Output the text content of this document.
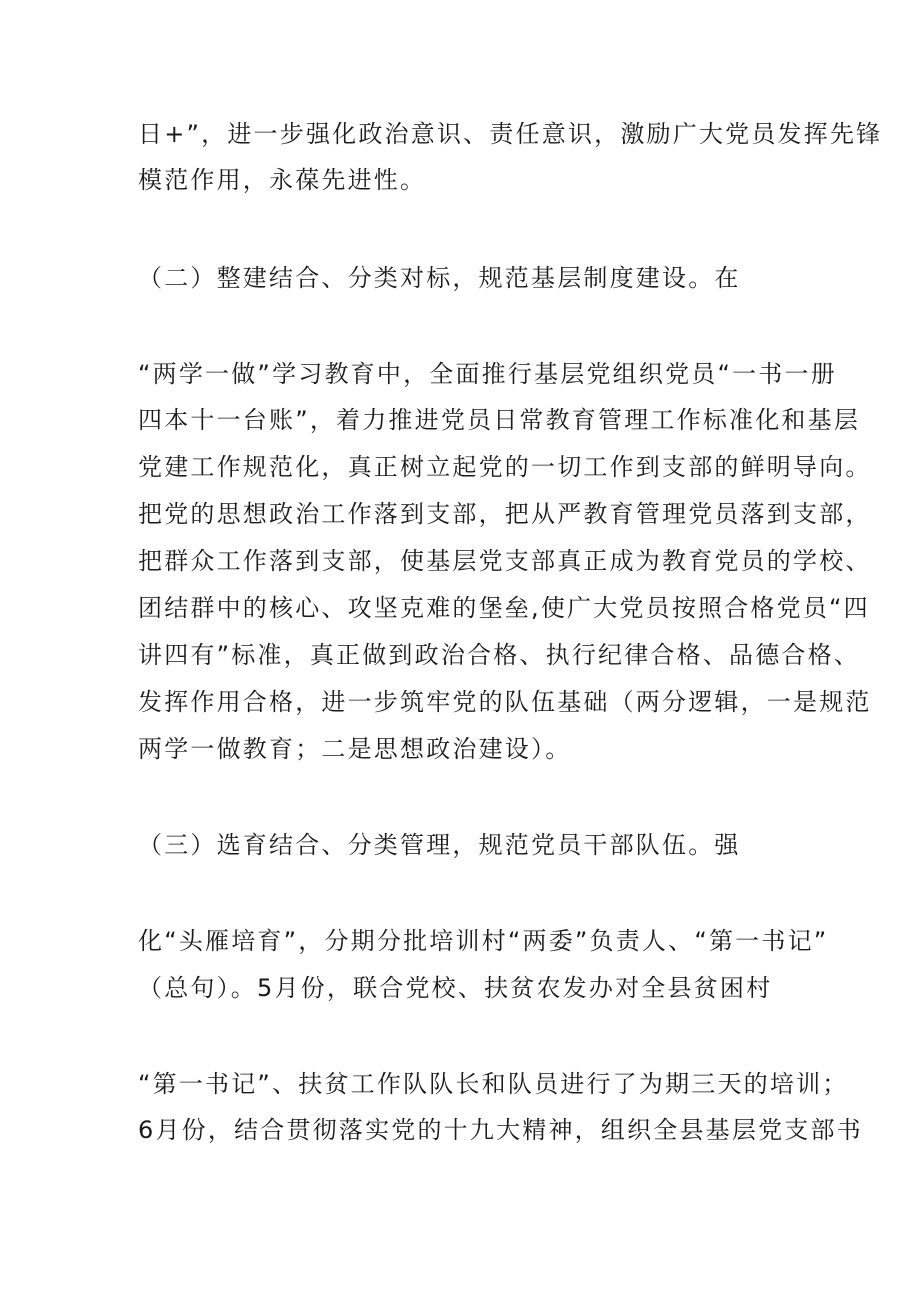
日+”，进一步强化政治意识、责任意识，激励广大党员发挥先锋
模范作用，永葆先进性。
（二）整建结合、分类对标，规范基层制度建设。在
“两学一做”学习教育中，全面推行基层党组织党员“一书一册
四本十一台账”，着力推进党员日常教育管理工作标准化和基层
党建工作规范化，真正树立起党的一切工作到支部的鲜明导向。
把党的思想政治工作落到支部，把从严教育管理党员落到支部，
把群众工作落到支部，使基层党支部真正成为教育党员的学校、
团结群中的核心、攻坚克难的堡垒,使广大党员按照合格党员“四
讲四有”标准，真正做到政治合格、执行纪律合格、品德合格、
发挥作用合格，进一步筑牢党的队伍基础（两分逻辑，一是规范
两学一做教育；二是思想政治建设）。
（三）选育结合、分类管理，规范党员干部队伍。强
化“头雁培育”，分期分批培训村“两委”负责人、“第一书记”
（总句）。5月份，联合党校、扶贫农发办对全县贫困村
“第一书记”、扶贫工作队队长和队员进行了为期三天的培训；
6月份，结合贯彻落实党的十九大精神，组织全县基层党支部书
